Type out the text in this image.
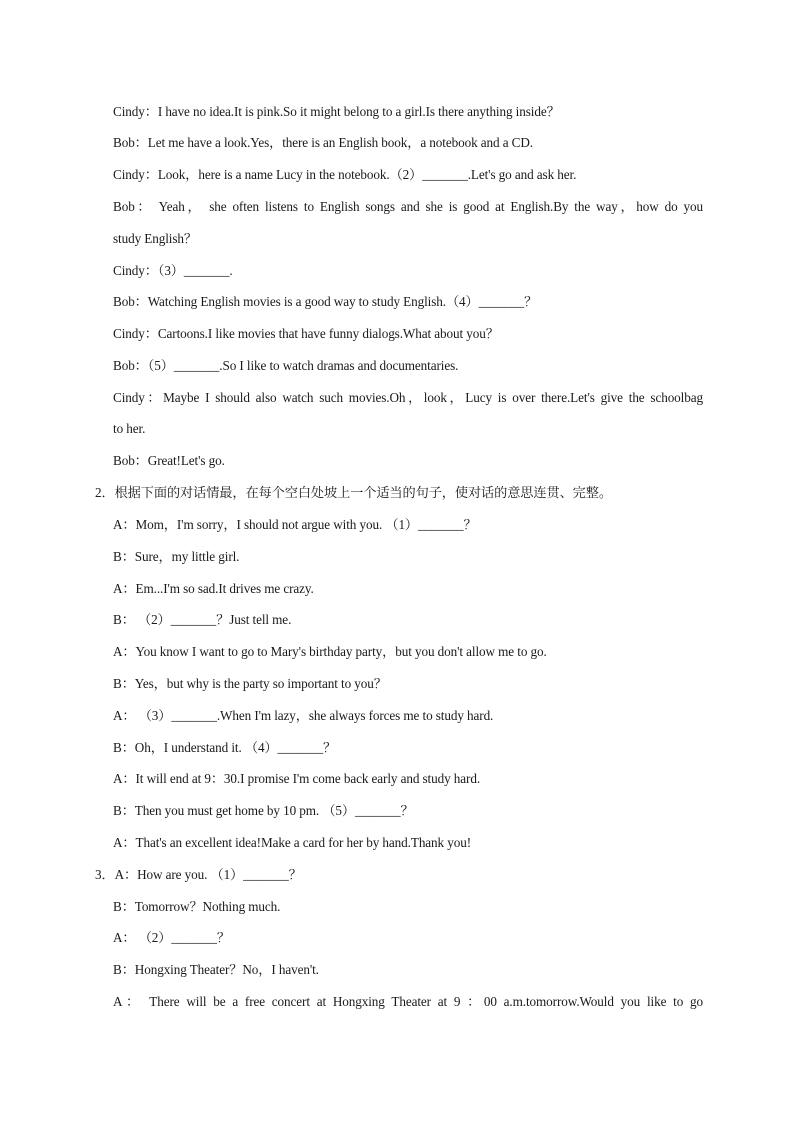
Cindy：I have no idea.It is pink.So it might belong to a girl.Is there anything inside？
Bob：Let me have a look.Yes，there is an English book，a notebook and a CD.
Cindy：Look，here is a name Lucy in the notebook.（2）_______.Let's go and ask her.
Bob： Yeah， she often listens to English songs and she is good at English.By the way，how do you
study English？
Cindy：（3）_______.
Bob：Watching English movies is a good way to study English.（4）_______？
Cindy：Cartoons.I like movies that have funny dialogs.What about you？
Bob：（5）_______.So I like to watch dramas and documentaries.
Cindy：Maybe I should also watch such movies.Oh，look，Lucy is over there.Let's give the schoolbag
to her.
Bob：Great!Let's go.
2．根据下面的对话情最，在每个空白处坡上一个适当的句子，使对话的意思连贯、完整。
A：Mom，I'm sorry，I should not argue with you. （1）_______？
B：Sure，my little girl.
A：Em...I'm so sad.It drives me crazy.
B： （2）_______？Just tell me.
A：You know I want to go to Mary's birthday party，but you don't allow me to go.
B：Yes，but why is the party so important to you？
A： （3）_______.When I'm lazy，she always forces me to study hard.
B：Oh，I understand it. （4）_______？
A：It will end at 9：30.I promise I'm come back early and study hard.
B：Then you must get home by 10 pm. （5）_______？
A：That's an excellent idea!Make a card for her by hand.Thank you!
3．A：How are you. （1）_______？
B：Tomorrow？Nothing much.
A： （2）_______？
B：Hongxing Theater？No，I haven't.
A： There will be a free concert at Hongxing Theater at 9 ：00 a.m.tomorrow.Would you like to go
